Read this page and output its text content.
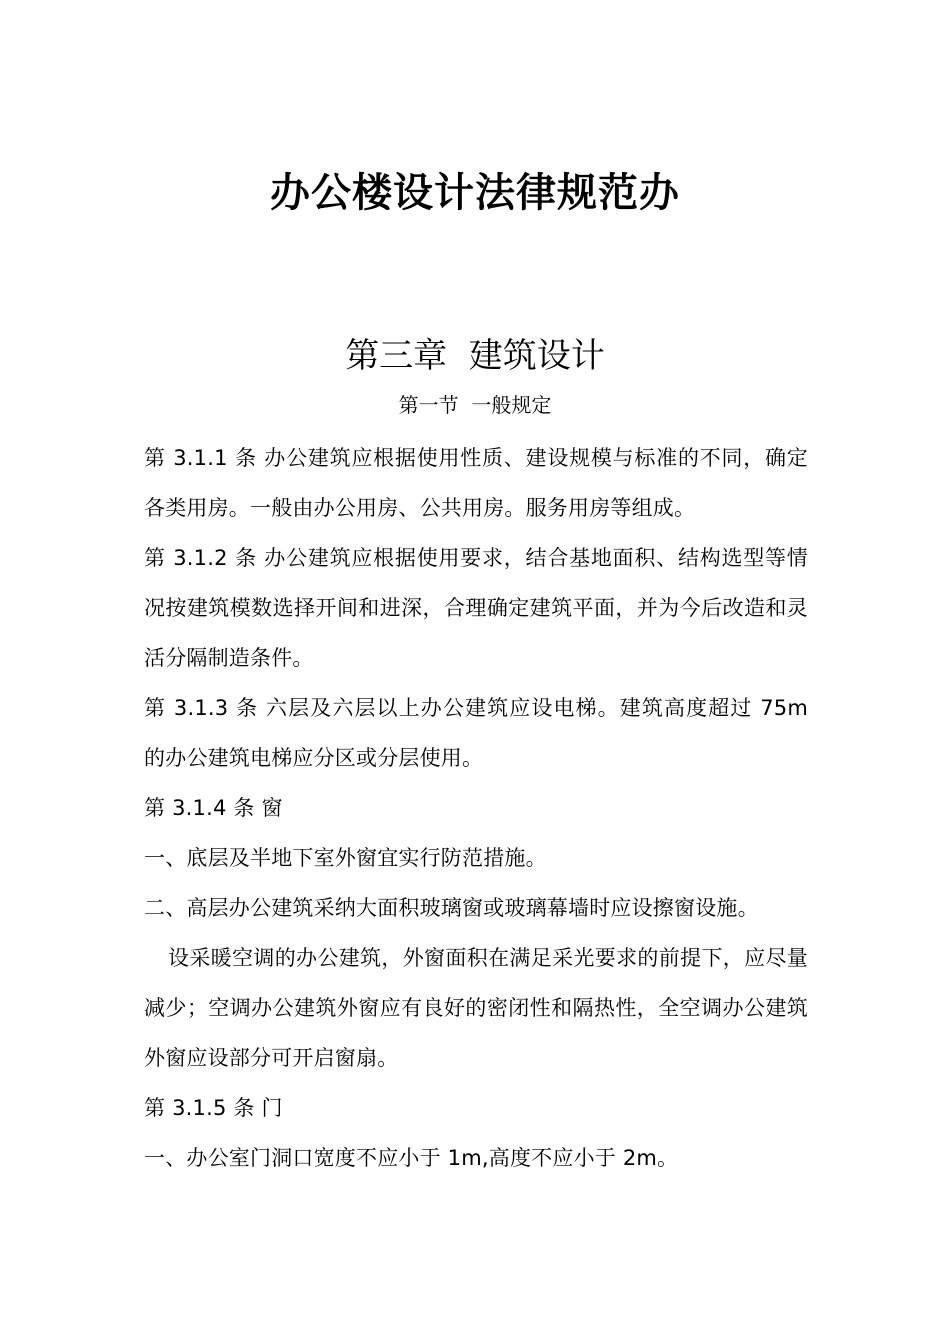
办公楼设计法律规范办
第三章  建筑设计
第一节  一般规定

第 3.1.1 条 办公建筑应根据使用性质、建设规模与标准的不同，确定各类用房。一般由办公用房、公共用房。服务用房等组成。

第 3.1.2 条 办公建筑应根据使用要求，结合基地面积、结构选型等情况按建筑模数选择开间和进深，合理确定建筑平面，并为今后改造和灵活分隔制造条件。

第 3.1.3 条 六层及六层以上办公建筑应设电梯。建筑高度超过 75m 的办公建筑电梯应分区或分层使用。

第 3.1.4 条 窗

一、底层及半地下室外窗宜实行防范措施。

二、高层办公建筑采纳大面积玻璃窗或玻璃幕墙时应设擦窗设施。

设采暖空调的办公建筑，外窗面积在满足采光要求的前提下，应尽量减少；空调办公建筑外窗应有良好的密闭性和隔热性，全空调办公建筑外窗应设部分可开启窗扇。

第 3.1.5 条 门

一、办公室门洞口宽度不应小于 1m,高度不应小于 2m。
